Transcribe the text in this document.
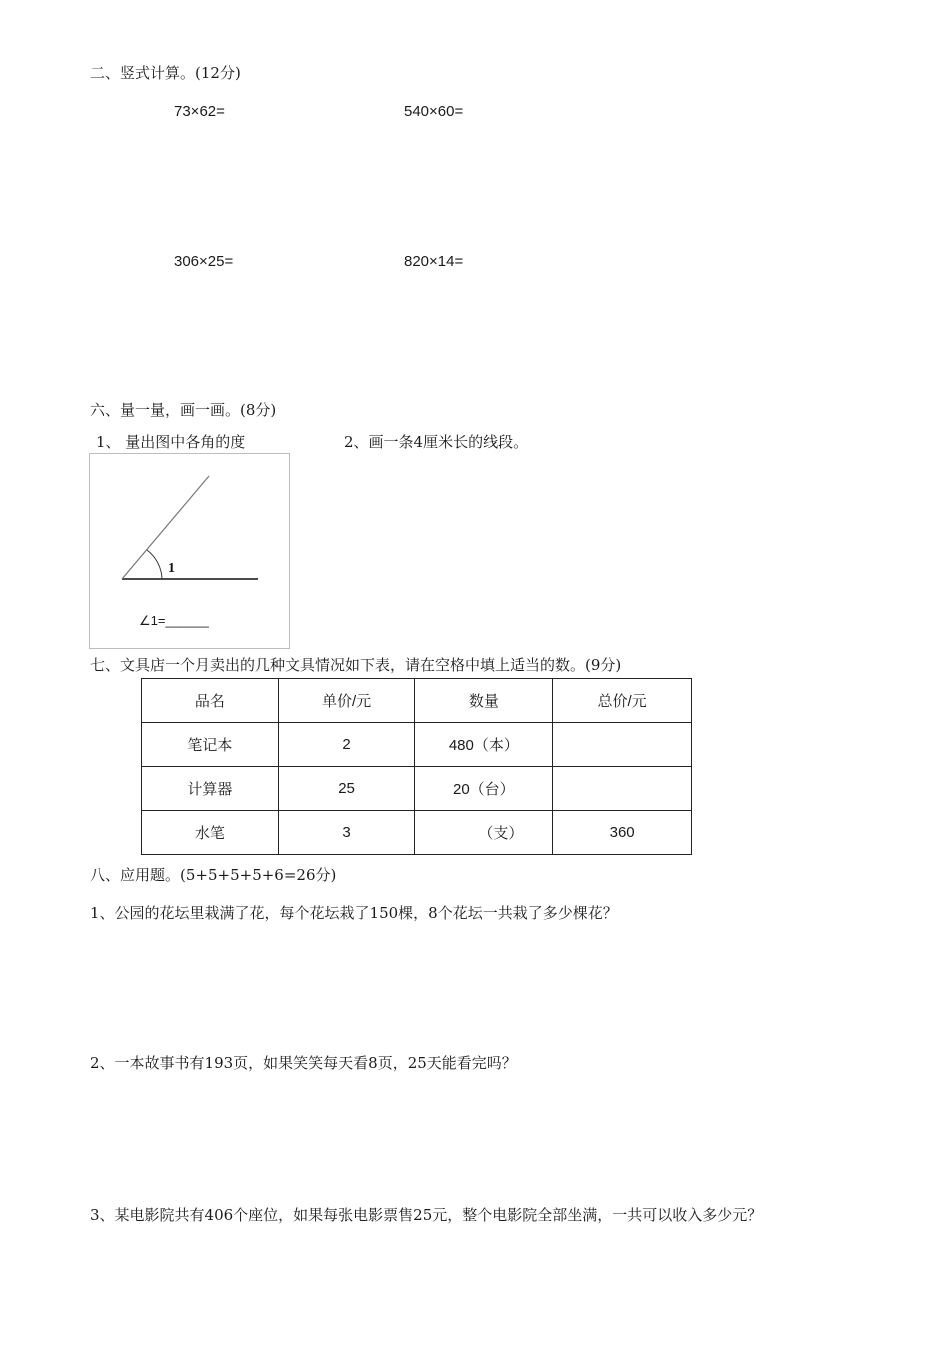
二、竖式计算。(12分)
73×62=	540×60=
306×25=	820×14=
六、量一量，画一画。(8分)
1、 量出图中各角的度	2、画一条4厘米长的线段。
1
∠1=______
七、文具店一个月卖出的几种文具情况如下表，请在空格中填上适当的数。(9分)
品名	单价/元	数量	总价/元
笔记本	2	480（本）	
计算器	25	20（台）	
水笔	3	（支）	360
八、应用题。(5+5+5+5+6=26分)
1、公园的花坛里栽满了花，每个花坛栽了150棵，8个花坛一共栽了多少棵花？
2、一本故事书有193页，如果笑笑每天看8页，25天能看完吗？
3、某电影院共有406个座位，如果每张电影票售25元，整个电影院全部坐满，一共可以收入多少元？
